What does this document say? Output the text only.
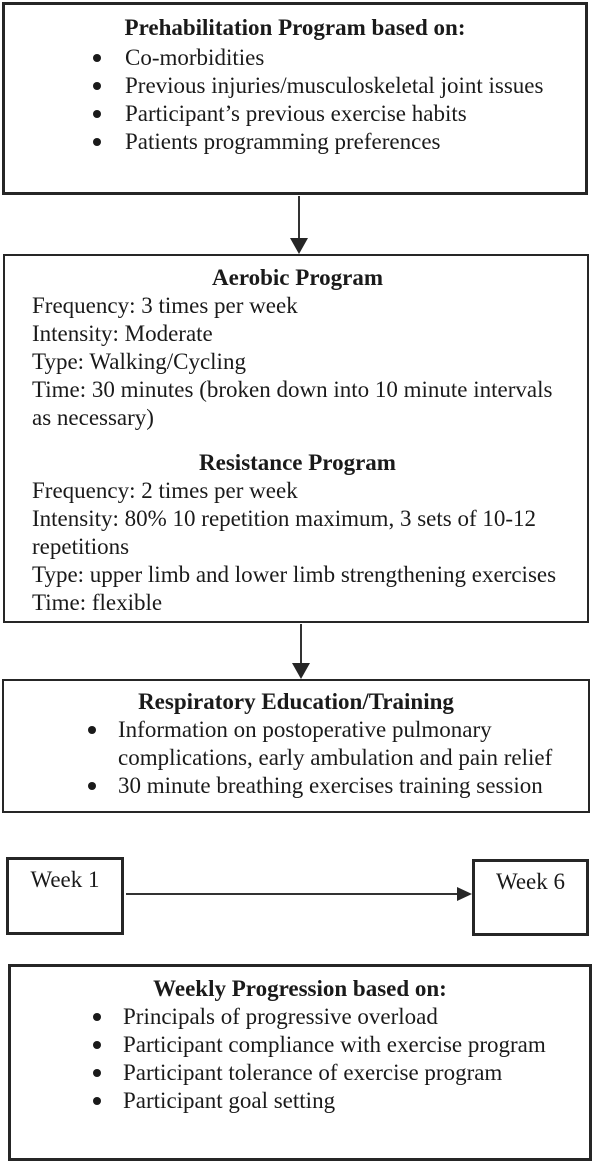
Prehabilitation Program based on:
Co-morbidities
Previous injuries/musculoskeletal joint issues
Participant’s previous exercise habits
Patients programming preferences
Aerobic Program

Frequency: 3 times per week

Intensity: Moderate

Type: Walking/Cycling

Time: 30 minutes (broken down into 10 minute intervals as necessary)

Resistance Program

Frequency: 2 times per week

Intensity: 80% 10 repetition maximum, 3 sets of 10-12 repetitions

Type: upper limb and lower limb strengthening exercises

Time: flexible

Respiratory Education/Training
Information on postoperative pulmonary complications, early ambulation and pain relief
30 minute breathing exercises training session
Week 1	Week 6
Weekly Progression based on:
Principals of progressive overload
Participant compliance with exercise program
Participant tolerance of exercise program
Participant goal setting
